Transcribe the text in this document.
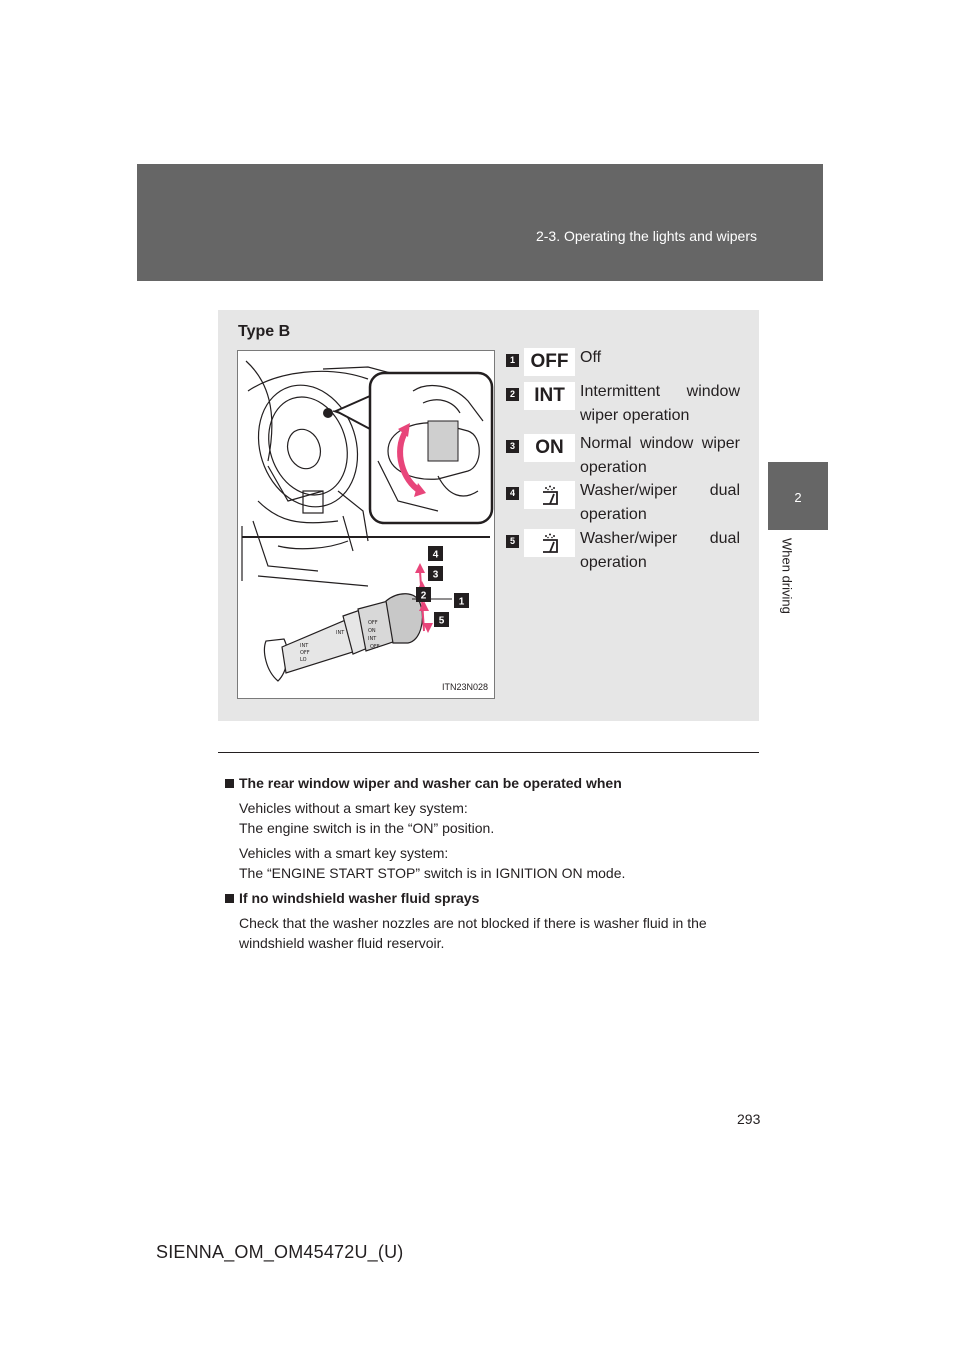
2-3. Operating the lights and wipers
2
When driving
Type B
INT
OFF
LO
INT
OFF
ON
INT
OFF
4
3
2
1
5
ITN23N028
1 OFF Off
2	INT Intermittent window wiper operation
3	ON	Normal window wiper operation
4	Washer/wiper dual operation
5	Washer/wiper dual operation
The rear window wiper and washer can be operated when
Vehicles without a smart key system:
The engine switch is in the “ON” position.
Vehicles with a smart key system:
The “ENGINE START STOP” switch is in IGNITION ON mode.
If no windshield washer fluid sprays
Check that the washer nozzles are not blocked if there is washer fluid in the windshield washer fluid reservoir.
293
SIENNA_OM_OM45472U_(U)
